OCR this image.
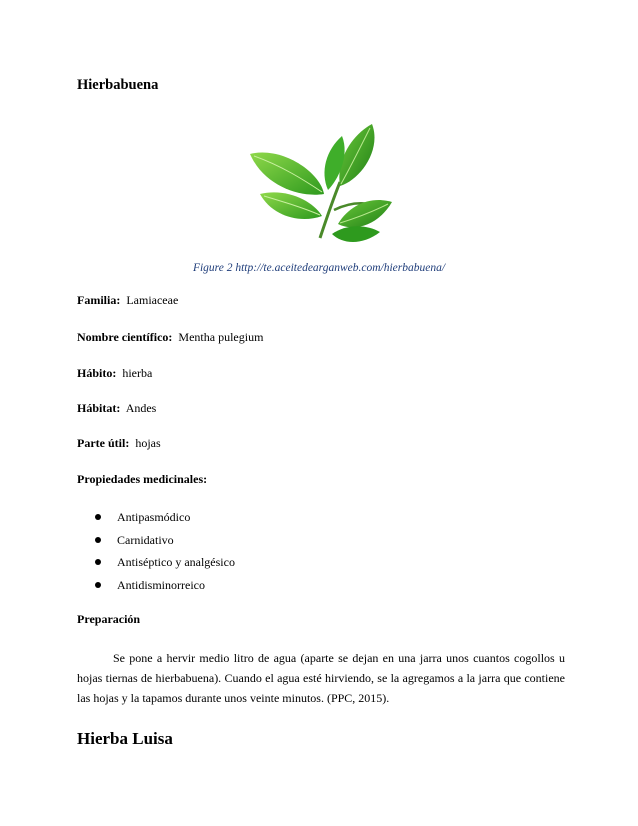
Hierbabuena
Figure 2 http://te.aceitedearganweb.com/hierbabuena/
Familia: Lamiaceae
Nombre científico: Mentha pulegium
Hábito: hierba
Hábitat: Andes
Parte útil: hojas
Propiedades medicinales:
Antipasmódico
Carnidativo
Antiséptico y analgésico
Antidisminorreico
Preparación
Se pone a hervir medio litro de agua (aparte se dejan en una jarra unos cuantos cogollos u hojas tiernas de hierbabuena). Cuando el agua esté hirviendo, se la agregamos a la jarra que contiene las hojas y la tapamos durante unos veinte minutos. (PPC, 2015).
Hierba Luisa
